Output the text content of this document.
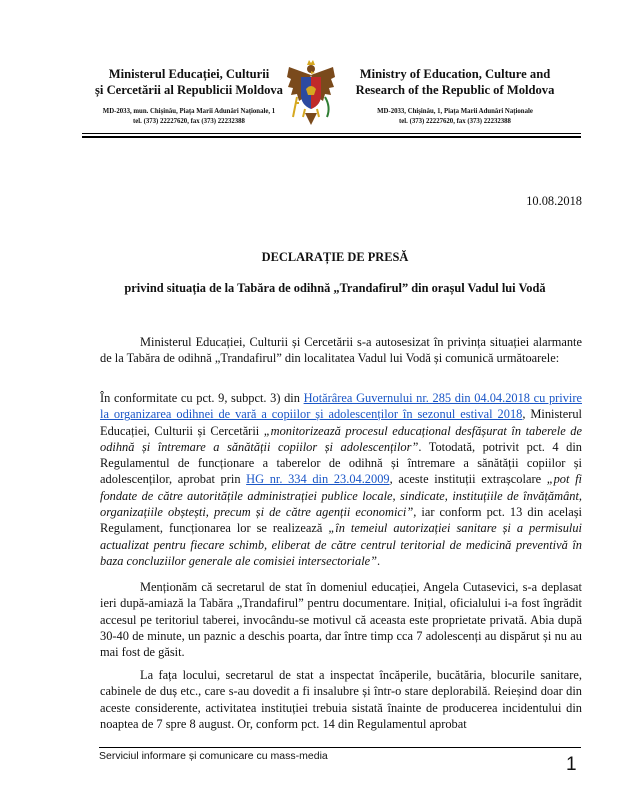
Ministerul Educației, Culturii
și Cercetării al Republicii Moldova
MD-2033, mun. Chișinău, Piața Marii Adunări Naționale, 1
tel. (373) 22227620, fax (373) 22232388
Ministry of Education, Culture and
Research of the Republic of Moldova
MD-2033, Chișinău, 1, Piața Marii Adunări Naționale
tel. (373) 22227620, fax (373) 22232388
10.08.2018
DECLARAȚIE DE PRESĂ
privind situația de la Tabăra de odihnă „Trandafirul” din orașul Vadul lui Vodă

Ministerul Educației, Culturii și Cercetării s-a autosesizat în privința situației alarmante de la Tabăra de odihnă „Trandafirul” din localitatea Vadul lui Vodă și comunică următoarele:

În conformitate cu pct. 9, subpct. 3) din Hotărârea Guvernului nr. 285 din 04.04.2018 cu privire la organizarea odihnei de vară a copiilor și adolescenților în sezonul estival 2018, Ministerul Educației, Culturii și Cercetării „monitorizează procesul educațional desfășurat în taberele de odihnă și întremare a sănătății copiilor și adolescenților”. Totodată, potrivit pct. 4 din Regulamentul de funcționare a taberelor de odihnă și întremare a sănătății copiilor și adolescenților, aprobat prin HG nr. 334 din 23.04.2009, aceste instituții extrașcolare „pot fi fondate de către autoritățile administrației publice locale, sindicate, instituțiile de învățământ, organizațiile obștești, precum și de către agenții economici”, iar conform pct. 13 din același Regulament, funcționarea lor se realizează „în temeiul autorizației sanitare și a permisului actualizat pentru fiecare schimb, eliberat de către centrul teritorial de medicină preventivă în baza concluziilor generale ale comisiei intersectoriale”.

Menționăm că secretarul de stat în domeniul educației, Angela Cutasevici, s-a deplasat ieri după-amiază la Tabăra „Trandafirul” pentru documentare. Inițial, oficialului i-a fost îngrădit accesul pe teritoriul taberei, invocându-se motivul că aceasta este proprietate privată. Abia după 30-40 de minute, un paznic a deschis poarta, dar între timp cca 7 adolescenți au dispărut și nu au mai fost de găsit.

La fața locului, secretarul de stat a inspectat încăperile, bucătăria, blocurile sanitare, cabinele de duș etc., care s-au dovedit a fi insalubre și într-o stare deplorabilă. Reieșind doar din aceste considerente, activitatea instituției trebuia sistată înainte de producerea incidentului din noaptea de 7 spre 8 august. Or, conform pct. 14 din Regulamentul aprobat

Serviciul informare și comunicare cu mass-media	1
